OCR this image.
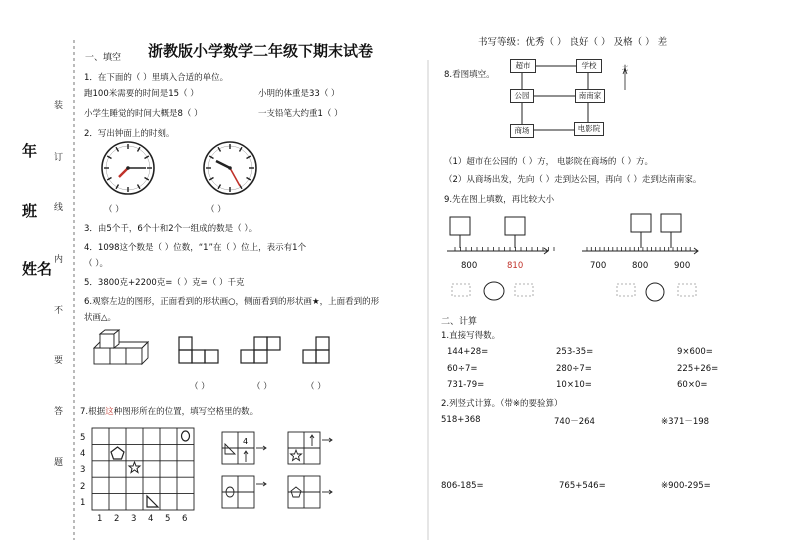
年
班
姓名
装
订
线
内
不
要
答
题
浙教版小学数学二年级下期末试卷	书写等级：优秀（ ） 良好（ ） 及格（ ） 差
一、填空
1．在下面的（ ）里填入合适的单位。
跑100米需要的时间是15（ ）	小明的体重是33（ ）
小学生睡觉的时间大概是8（ ）	一支铅笔大约重1（ ）
2．写出钟面上的时刻。
（ ）	（ ）
3．由5个千，6个十和2个一组成的数是（ ）。
4．1098这个数是（ ）位数，“1”在（ ）位上，表示有1个
（ ）。
5．3800克+2200克=（ ）克=（ ）千克
6.观察左边的图形，正面看到的形状画○，侧面看到的形状画★，上面看到的形
状画△。
（ ）	（ ）	（ ）
7.根据这种图形所在的位置，填写空格里的数。
5
4
3
2
1
1 2 3 4 5 6
4
8.看图填空。
超市	学校
公园	南南家
商场	电影院
北
（1）超市在公园的（ ）方， 电影院在商场的（ ）方。
（2）从商场出发，先向（ ）走到达公园，再向（ ）走到达南南家。
9.先在图上填数，再比较大小
800	810	700	800	900
二、计算
1.直接写得数。
144+28=	253-35=	9×600=
60÷7=	280÷7=	225+26=
731-79=	10×10=	60×0=
2.列竖式计算。（带※的要验算）
518+368	740－264	※371－198
806-185=	765+546=	※900-295=
